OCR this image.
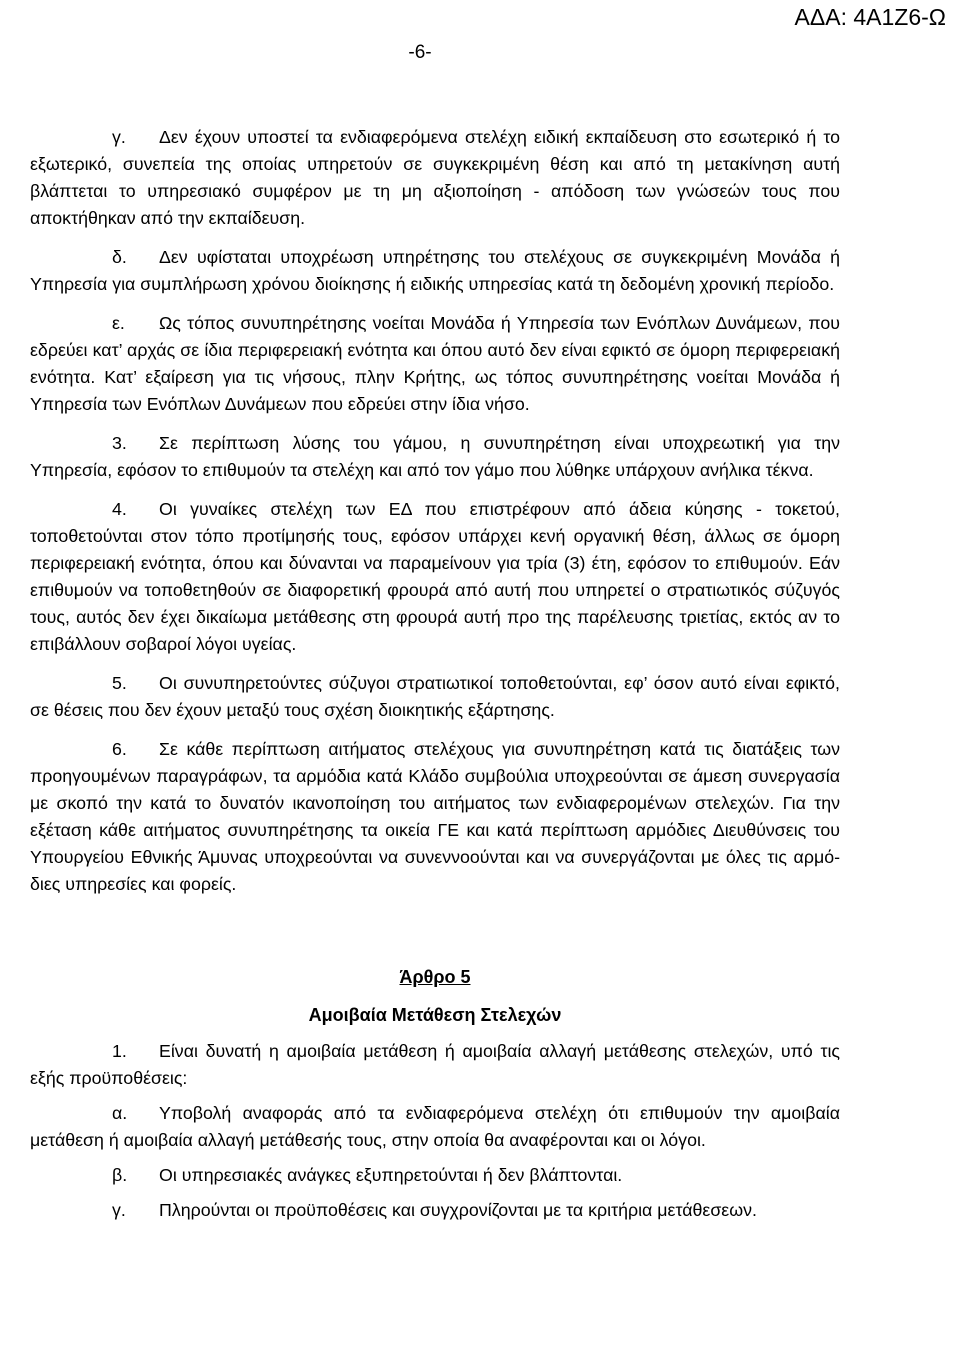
ΑΔΑ: 4Α1Ζ6-Ω
-6-

γ. Δεν έχουν υποστεί τα ενδιαφερόμενα στελέχη ειδική εκπαίδευση στο εσωτερικό ή το εξωτερικό, συνεπεία της οποίας υπηρετούν σε συγκεκριμένη θέση και από τη μετακίνηση αυτή βλάπτεται το υπηρεσιακό συμφέρον με τη μη αξιοποίηση - απόδοση των γνώσεών τους που αποκτήθηκαν από την εκπαίδευση.

δ. Δεν υφίσταται υποχρέωση υπηρέτησης του στελέχους σε συγκεκριμένη Μονάδα ή Υπηρεσία για συμπλήρωση χρόνου διοίκησης ή ειδικής υπηρεσίας κατά τη δεδομένη χρονική περίοδο.

ε. Ως τόπος συνυπηρέτησης νοείται Μονάδα ή Υπηρεσία των Ενόπλων Δυνάμεων, που εδρεύει κατ’ αρχάς σε ίδια περιφερειακή ενότητα και όπου αυτό δεν είναι εφικτό σε όμορη περιφερειακή ενότητα. Κατ’ εξαίρεση για τις νήσους, πλην Κρήτης, ως τόπος συνυπηρέτησης νοείται Μονάδα ή Υπηρεσία των Ενόπλων Δυνάμεων που εδρεύει στην ίδια νήσο.

3. Σε περίπτωση λύσης του γάμου, η συνυπηρέτηση είναι υποχρεωτική για την Υπηρεσία, εφόσον το επιθυμούν τα στελέχη και από τον γάμο που λύθηκε υπάρχουν ανήλικα τέκνα.

4. Οι γυναίκες στελέχη των ΕΔ που επιστρέφουν από άδεια κύησης - τοκετού, τοποθετούνται στον τόπο προτίμησής τους, εφόσον υπάρχει κενή οργανική θέση, άλλως σε όμορη περιφερειακή ενότητα, όπου και δύνανται να παραμείνουν για τρία (3) έτη, εφόσον το επιθυμούν. Εάν επιθυμούν να τοποθετηθούν σε διαφορετική φρουρά από αυτή που υπηρετεί ο στρατιωτικός σύζυγός τους, αυτός δεν έχει δικαίωμα μετάθεσης στη φρουρά αυτή προ της παρέλευσης τριετίας, εκτός αν το επιβάλλουν σοβαροί λόγοι υγείας.

5. Οι συνυπηρετούντες σύζυγοι στρατιωτικοί τοποθετούνται, εφ’ όσον αυτό είναι εφικτό, σε θέσεις που δεν έχουν μεταξύ τους σχέση διοικητικής εξάρτησης.

6. Σε κάθε περίπτωση αιτήματος στελέχους για συνυπηρέτηση κατά τις διατάξεις των προηγουμένων παραγράφων, τα αρμόδια κατά Κλάδο συμβούλια υποχρεούνται σε άμεση συνεργασία με σκοπό την κατά το δυνατόν ικανοποίηση του αιτήματος των ενδιαφερομένων στελεχών. Για την εξέταση κάθε αιτήματος συνυπηρέτησης τα οικεία ΓΕ και κατά περίπτωση αρμόδιες Διευθύνσεις του Υπουργείου Εθνικής Άμυνας υποχρεούνται να συνεννοούνται και να συνεργάζονται με όλες τις αρμόδιες υπηρεσίες και φορείς.

Άρθρο 5
Αμοιβαία Μετάθεση Στελεχών

1. Είναι δυνατή η αμοιβαία μετάθεση ή αμοιβαία αλλαγή μετάθεσης στελεχών, υπό τις εξής προϋποθέσεις:

α. Υποβολή αναφοράς από τα ενδιαφερόμενα στελέχη ότι επιθυμούν την αμοιβαία μετάθεση ή αμοιβαία αλλαγή μετάθεσής τους, στην οποία θα αναφέρονται και οι λόγοι.

β. Οι υπηρεσιακές ανάγκες εξυπηρετούνται ή δεν βλάπτονται.

γ. Πληρούνται οι προϋποθέσεις και συγχρονίζονται με τα κριτήρια μετάθεσεων.
